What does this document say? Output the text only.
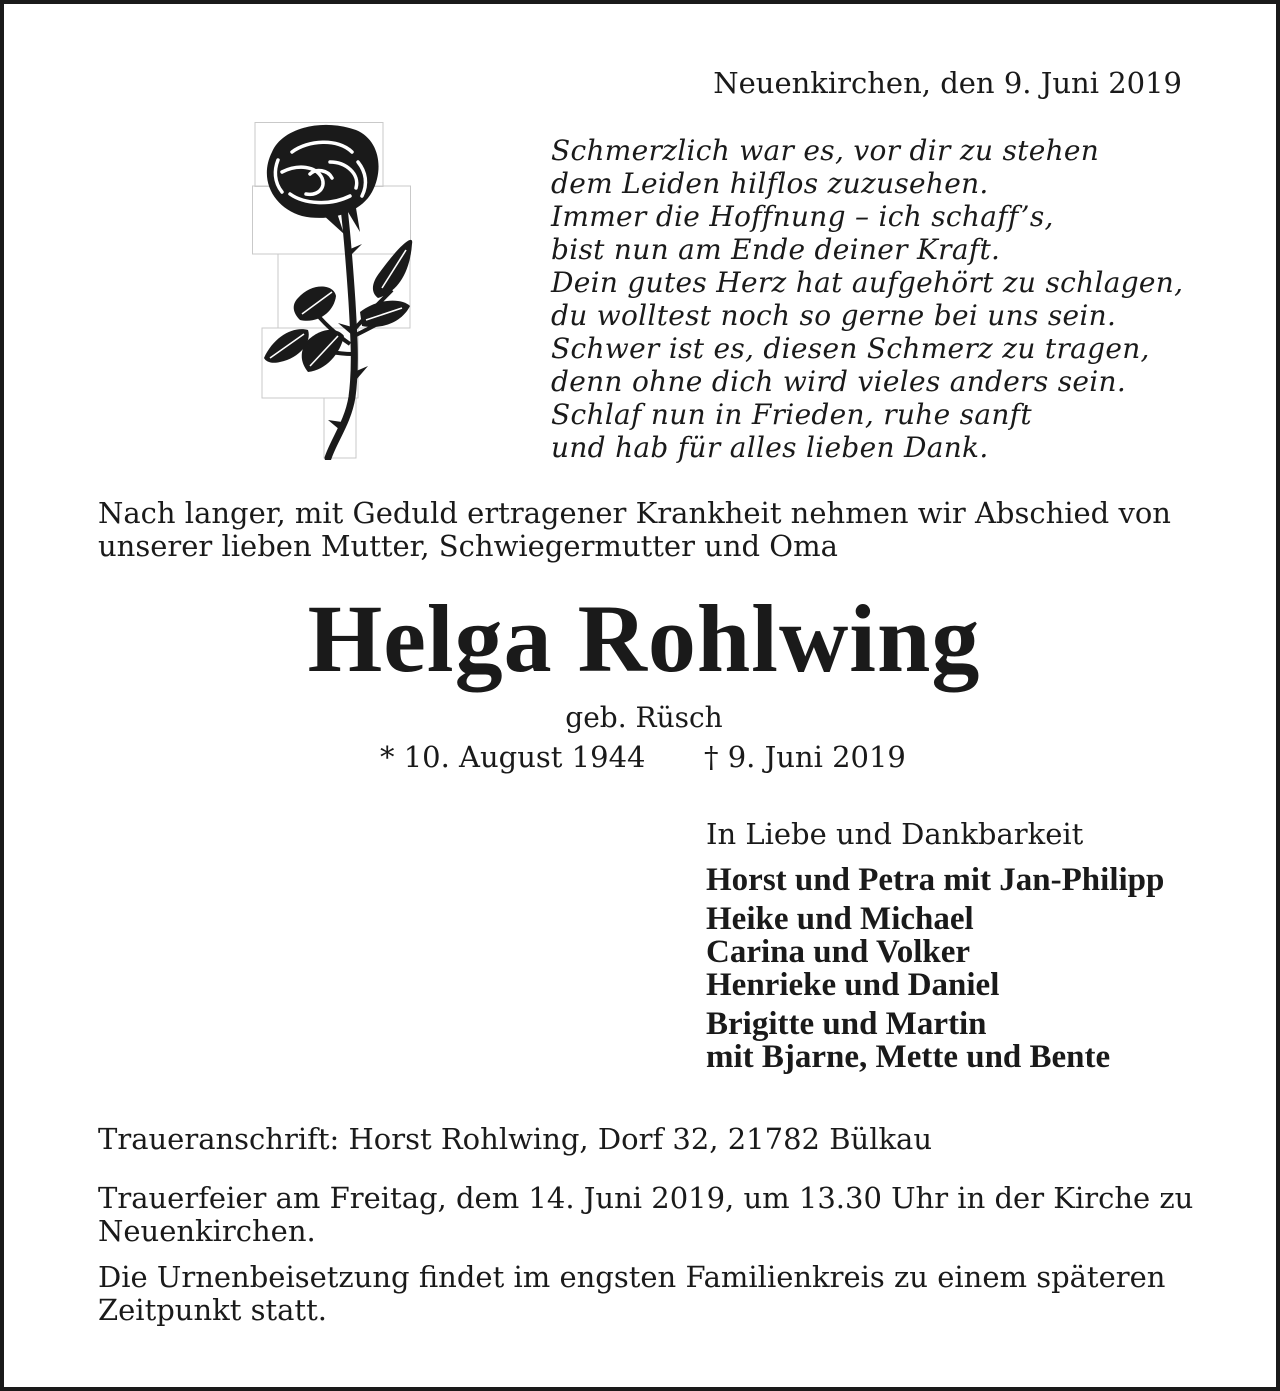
Neuenkirchen, den 9. Juni 2019
Schmerzlich war es, vor dir zu stehen
dem Leiden hilflos zuzusehen.
Immer die Hoffnung – ich schaff’s,
bist nun am Ende deiner Kraft.
Dein gutes Herz hat aufgehört zu schlagen,
du wolltest noch so gerne bei uns sein.
Schwer ist es, diesen Schmerz zu tragen,
denn ohne dich wird vieles anders sein.
Schlaf nun in Frieden, ruhe sanft
und hab für alles lieben Dank.
Nach langer, mit Geduld ertragener Krankheit nehmen wir Abschied von
unserer lieben Mutter, Schwiegermutter und Oma
Helga Rohlwing
geb. Rüsch
* 10. August 1944 † 9. Juni 2019
In Liebe und Dankbarkeit
Horst und Petra mit Jan-Philipp
Heike und Michael
Carina und Volker
Henrieke und Daniel
Brigitte und Martin
mit Bjarne, Mette und Bente
Traueranschrift: Horst Rohlwing, Dorf 32, 21782 Bülkau
Trauerfeier am Freitag, dem 14. Juni 2019, um 13.30 Uhr in der Kirche zu
Neuenkirchen.
Die Urnenbeisetzung findet im engsten Familienkreis zu einem späteren
Zeitpunkt statt.
